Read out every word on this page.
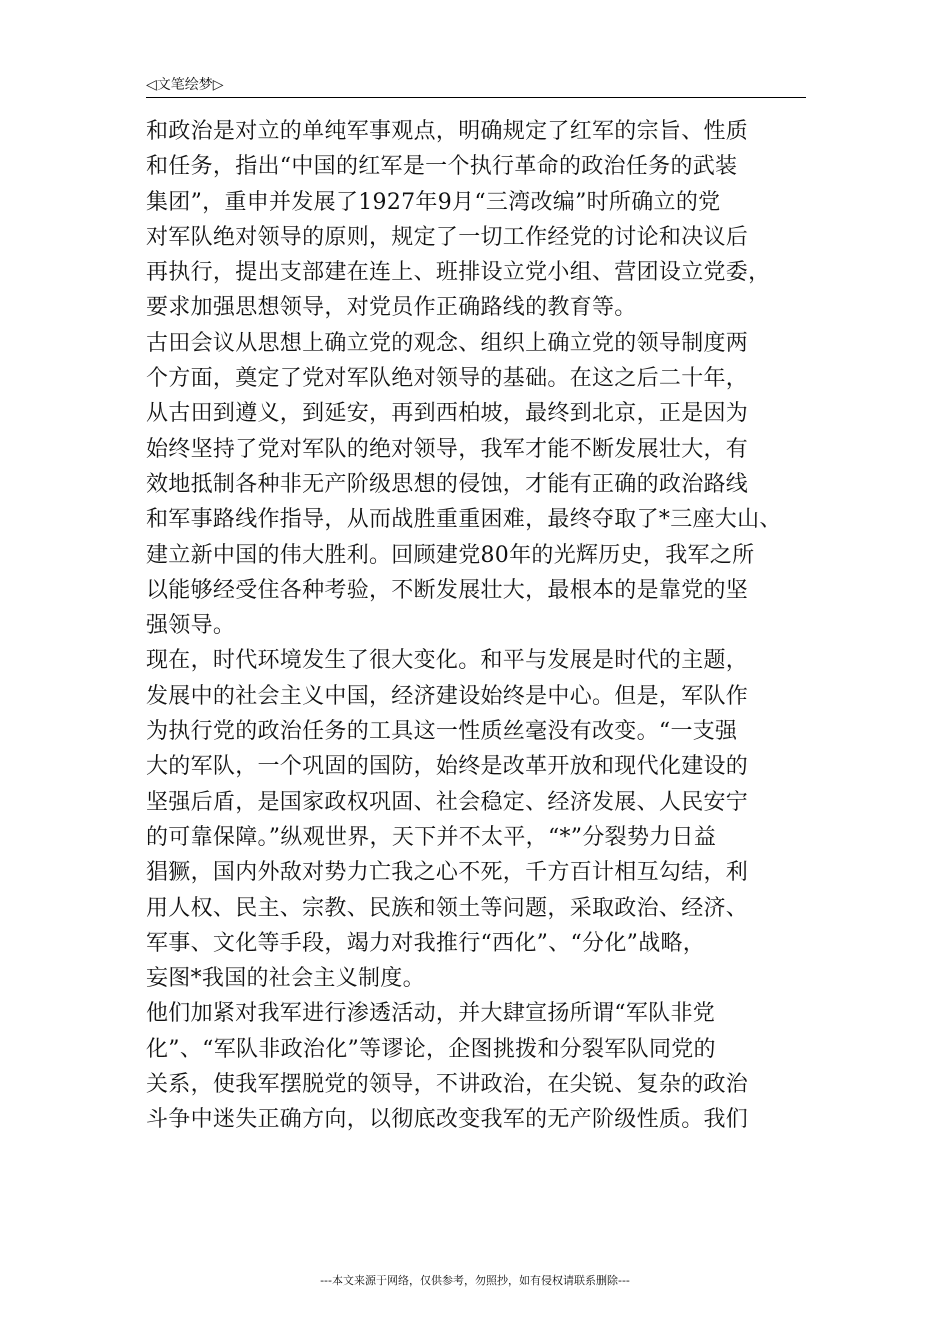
◁文笔绘梦▷
和政治是对立的单纯军事观点，明确规定了红军的宗旨、性质
和任务，指出“中国的红军是一个执行革命的政治任务的武装
集团”，重申并发展了1927年9月“三湾改编”时所确立的党
对军队绝对领导的原则，规定了一切工作经党的讨论和决议后
再执行，提出支部建在连上、班排设立党小组、营团设立党委，
要求加强思想领导，对党员作正确路线的教育等。
古田会议从思想上确立党的观念、组织上确立党的领导制度两
个方面，奠定了党对军队绝对领导的基础。在这之后二十年，
从古田到遵义，到延安，再到西柏坡，最终到北京，正是因为
始终坚持了党对军队的绝对领导，我军才能不断发展壮大，有
效地抵制各种非无产阶级思想的侵蚀，才能有正确的政治路线
和军事路线作指导，从而战胜重重困难，最终夺取了*三座大山、
建立新中国的伟大胜利。回顾建党80年的光辉历史，我军之所
以能够经受住各种考验，不断发展壮大，最根本的是靠党的坚
强领导。
现在，时代环境发生了很大变化。和平与发展是时代的主题，
发展中的社会主义中国，经济建设始终是中心。但是，军队作
为执行党的政治任务的工具这一性质丝毫没有改变。“一支强
大的军队，一个巩固的国防，始终是改革开放和现代化建设的
坚强后盾，是国家政权巩固、社会稳定、经济发展、人民安宁
的可靠保障。”纵观世界，天下并不太平，“*”分裂势力日益
猖獗，国内外敌对势力亡我之心不死，千方百计相互勾结，利
用人权、民主、宗教、民族和领土等问题，采取政治、经济、
军事、文化等手段，竭力对我推行“西化”、“分化”战略，
妄图*我国的社会主义制度。
他们加紧对我军进行渗透活动，并大肆宣扬所谓“军队非党
化”、“军队非政治化”等谬论，企图挑拨和分裂军队同党的
关系，使我军摆脱党的领导，不讲政治，在尖锐、复杂的政治
斗争中迷失正确方向，以彻底改变我军的无产阶级性质。我们
---本文来源于网络，仅供参考，勿照抄，如有侵权请联系删除---
